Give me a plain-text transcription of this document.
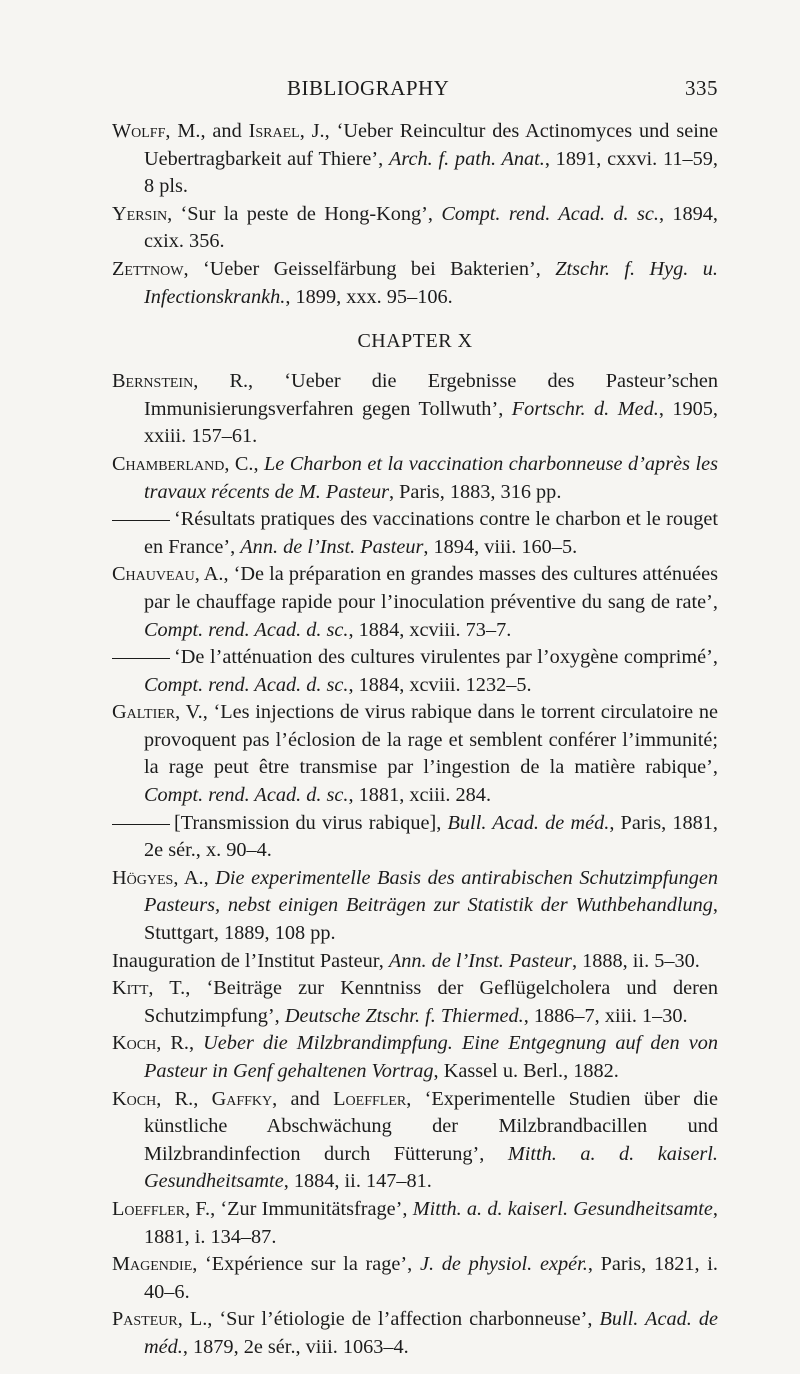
BIBLIOGRAPHY	335

Wolff, M., and Israel, J., ‘Ueber Reincultur des Actinomyces und seine Uebertragbarkeit auf Thiere’, Arch. f. path. Anat., 1891, cxxvi. 11–59, 8 pls.

Yersin, ‘Sur la peste de Hong-Kong’, Compt. rend. Acad. d. sc., 1894, cxix. 356.

Zettnow, ‘Ueber Geisselfärbung bei Bakterien’, Ztschr. f. Hyg. u. Infectionskrankh., 1899, xxx. 95–106.

CHAPTER X

Bernstein, R., ‘Ueber die Ergebnisse des Pasteur’schen Immunisierungsverfahren gegen Tollwuth’, Fortschr. d. Med., 1905, xxiii. 157–61.

Chamberland, C., Le Charbon et la vaccination charbonneuse d’après les travaux récents de M. Pasteur, Paris, 1883, 316 pp.

‘Résultats pratiques des vaccinations contre le charbon et le rouget en France’, Ann. de l’Inst. Pasteur, 1894, viii. 160–5.

Chauveau, A., ‘De la préparation en grandes masses des cultures atténuées par le chauffage rapide pour l’inoculation préventive du sang de rate’, Compt. rend. Acad. d. sc., 1884, xcviii. 73–7.

‘De l’atténuation des cultures virulentes par l’oxygène comprimé’, Compt. rend. Acad. d. sc., 1884, xcviii. 1232–5.

Galtier, V., ‘Les injections de virus rabique dans le torrent circulatoire ne provoquent pas l’éclosion de la rage et semblent conférer l’immunité; la rage peut être transmise par l’ingestion de la matière rabique’, Compt. rend. Acad. d. sc., 1881, xciii. 284.

[Transmission du virus rabique], Bull. Acad. de méd., Paris, 1881, 2e sér., x. 90–4.

Högyes, A., Die experimentelle Basis des antirabischen Schutzimpfungen Pasteurs, nebst einigen Beiträgen zur Statistik der Wuthbehandlung, Stuttgart, 1889, 108 pp.

Inauguration de l’Institut Pasteur, Ann. de l’Inst. Pasteur, 1888, ii. 5–30.

Kitt, T., ‘Beiträge zur Kenntniss der Geflügelcholera und deren Schutzimpfung’, Deutsche Ztschr. f. Thiermed., 1886–7, xiii. 1–30.

Koch, R., Ueber die Milzbrandimpfung. Eine Entgegnung auf den von Pasteur in Genf gehaltenen Vortrag, Kassel u. Berl., 1882.

Koch, R., Gaffky, and Loeffler, ‘Experimentelle Studien über die künstliche Abschwächung der Milzbrandbacillen und Milzbrandinfection durch Fütterung’, Mitth. a. d. kaiserl. Gesundheitsamte, 1884, ii. 147–81.

Loeffler, F., ‘Zur Immunitätsfrage’, Mitth. a. d. kaiserl. Gesundheitsamte, 1881, i. 134–87.

Magendie, ‘Expérience sur la rage’, J. de physiol. expér., Paris, 1821, i. 40–6.

Pasteur, L., ‘Sur l’étiologie de l’affection charbonneuse’, Bull. Acad. de méd., 1879, 2e sér., viii. 1063–4.
